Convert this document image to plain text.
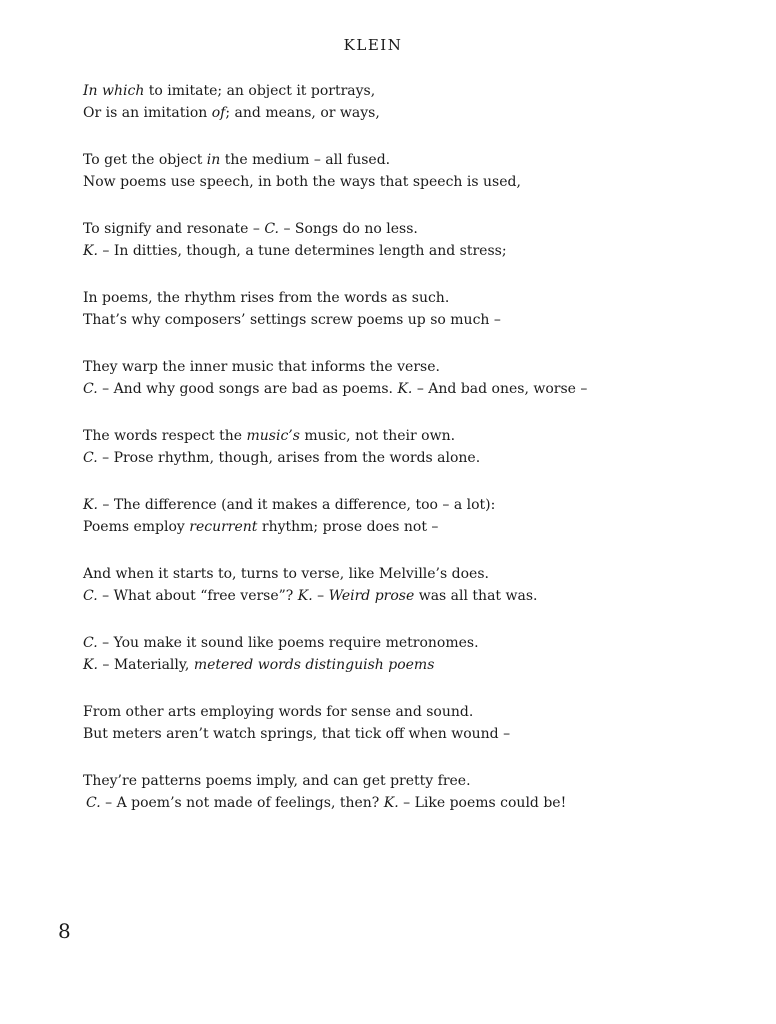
KLEIN
In which to imitate; an object it portrays,
Or is an imitation of; and means, or ways,
To get the object in the medium – all fused.
Now poems use speech, in both the ways that speech is used,
To signify and resonate – C. – Songs do no less.
K. – In ditties, though, a tune determines length and stress;
In poems, the rhythm rises from the words as such.
That’s why composers’ settings screw poems up so much –
They warp the inner music that informs the verse.
C. – And why good songs are bad as poems. K. – And bad ones, worse –
The words respect the music’s music, not their own.
C. – Prose rhythm, though, arises from the words alone.
K. – The difference (and it makes a difference, too – a lot):
Poems employ recurrent rhythm; prose does not –
And when it starts to, turns to verse, like Melville’s does.
C. – What about “free verse”? K. – Weird prose was all that was.
C. – You make it sound like poems require metronomes.
K. – Materially, metered words distinguish poems
From other arts employing words for sense and sound.
But meters aren’t watch springs, that tick off when wound –
They’re patterns poems imply, and can get pretty free.
C. – A poem’s not made of feelings, then? K. – Like poems could be!
8
